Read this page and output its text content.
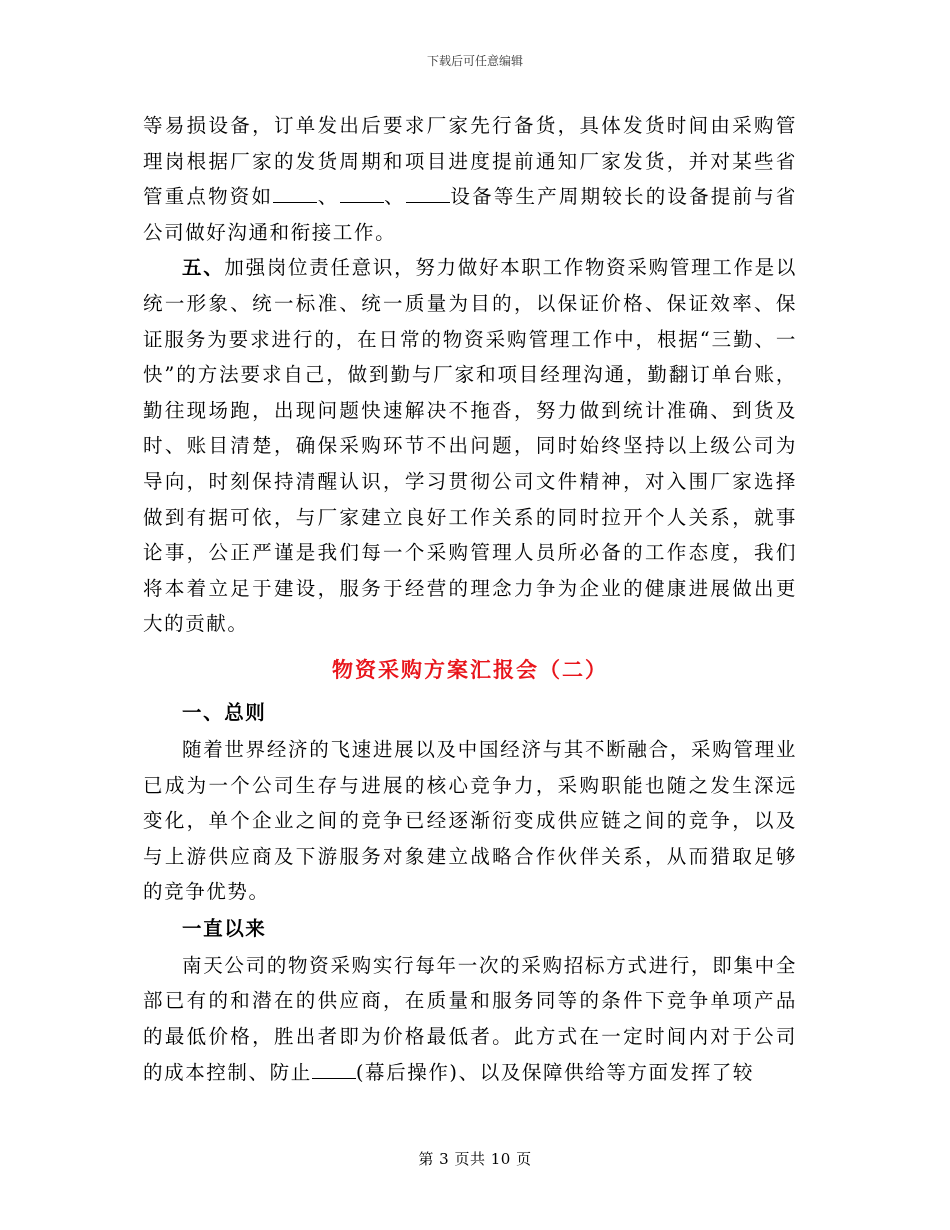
下载后可任意编辑

等易损设备，订单发出后要求厂家先行备货，具体发货时间由采购管理岗根据厂家的发货周期和项目进度提前通知厂家发货，并对某些省管重点物资如 、 、 设备等生产周期较长的设备提前与省公司做好沟通和衔接工作。

五、加强岗位责任意识，努力做好本职工作物资采购管理工作是以统一形象、统一标准、统一质量为目的，以保证价格、保证效率、保证服务为要求进行的，在日常的物资采购管理工作中，根据“三勤、一快”的方法要求自己，做到勤与厂家和项目经理沟通，勤翻订单台账，勤往现场跑，出现问题快速解决不拖沓，努力做到统计准确、到货及时、账目清楚，确保采购环节不出问题，同时始终坚持以上级公司为导向，时刻保持清醒认识，学习贯彻公司文件精神，对入围厂家选择做到有据可依，与厂家建立良好工作关系的同时拉开个人关系，就事论事，公正严谨是我们每一个采购管理人员所必备的工作态度，我们将本着立足于建设，服务于经营的理念力争为企业的健康进展做出更大的贡献。

物资采购方案汇报会（二）

一、总则

随着世界经济的飞速进展以及中国经济与其不断融合，采购管理业已成为一个公司生存与进展的核心竞争力，采购职能也随之发生深远变化，单个企业之间的竞争已经逐渐衍变成供应链之间的竞争，以及与上游供应商及下游服务对象建立战略合作伙伴关系，从而猎取足够的竞争优势。

一直以来

南天公司的物资采购实行每年一次的采购招标方式进行，即集中全部已有的和潜在的供应商，在质量和服务同等的条件下竞争单项产品的最低价格，胜出者即为价格最低者。此方式在一定时间内对于公司的成本控制、防止 (幕后操作)、以及保障供给等方面发挥了较

第 3 页共 10 页
